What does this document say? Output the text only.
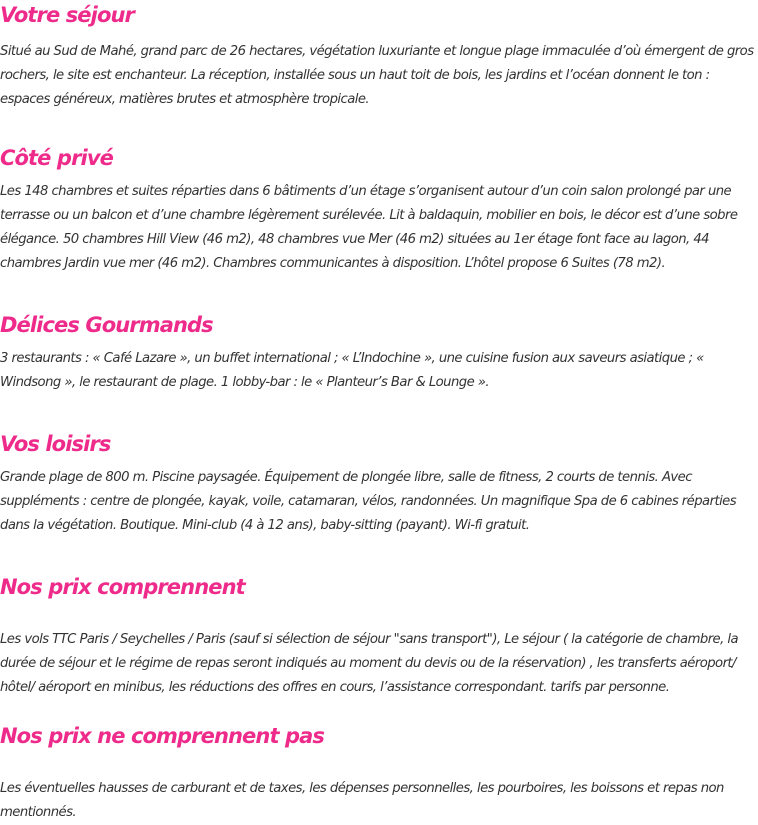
Votre séjour

Situé au Sud de Mahé, grand parc de 26 hectares, végétation luxuriante et longue plage immaculée d’où émergent de gros rochers, le site est enchanteur. La réception, installée sous un haut toit de bois, les jardins et l’océan donnent le ton : espaces généreux, matières brutes et atmosphère tropicale.

Côté privé

Les 148 chambres et suites réparties dans 6 bâtiments d’un étage s’organisent autour d’un coin salon prolongé par une terrasse ou un balcon et d’une chambre légèrement surélevée. Lit à baldaquin, mobilier en bois, le décor est d’une sobre élégance. 50 chambres Hill View (46 m2), 48 chambres vue Mer (46 m2) situées au 1er étage font face au lagon, 44 chambres Jardin vue mer (46 m2). Chambres communicantes à disposition. L’hôtel propose 6 Suites (78 m2).

Délices Gourmands

3 restaurants : « Café Lazare », un buffet international ; « L’Indochine », une cuisine fusion aux saveurs asiatique ; « Windsong », le restaurant de plage. 1 lobby-bar : le « Planteur’s Bar & Lounge ».

Vos loisirs

Grande plage de 800 m. Piscine paysagée. Équipement de plongée libre, salle de fitness, 2 courts de tennis. Avec suppléments : centre de plongée, kayak, voile, catamaran, vélos, randonnées. Un magnifique Spa de 6 cabines réparties dans la végétation. Boutique. Mini-club (4 à 12 ans), baby-sitting (payant). Wi-fi gratuit.

Nos prix comprennent

Les vols TTC Paris / Seychelles / Paris (sauf si sélection de séjour "sans transport"), Le séjour ( la catégorie de chambre, la durée de séjour et le régime de repas seront indiqués au moment du devis ou de la réservation) , les transferts aéroport/ hôtel/ aéroport en minibus, les réductions des offres en cours, l’assistance correspondant. tarifs par personne.

Nos prix ne comprennent pas

Les éventuelles hausses de carburant et de taxes, les dépenses personnelles, les pourboires, les boissons et repas non mentionnés.
